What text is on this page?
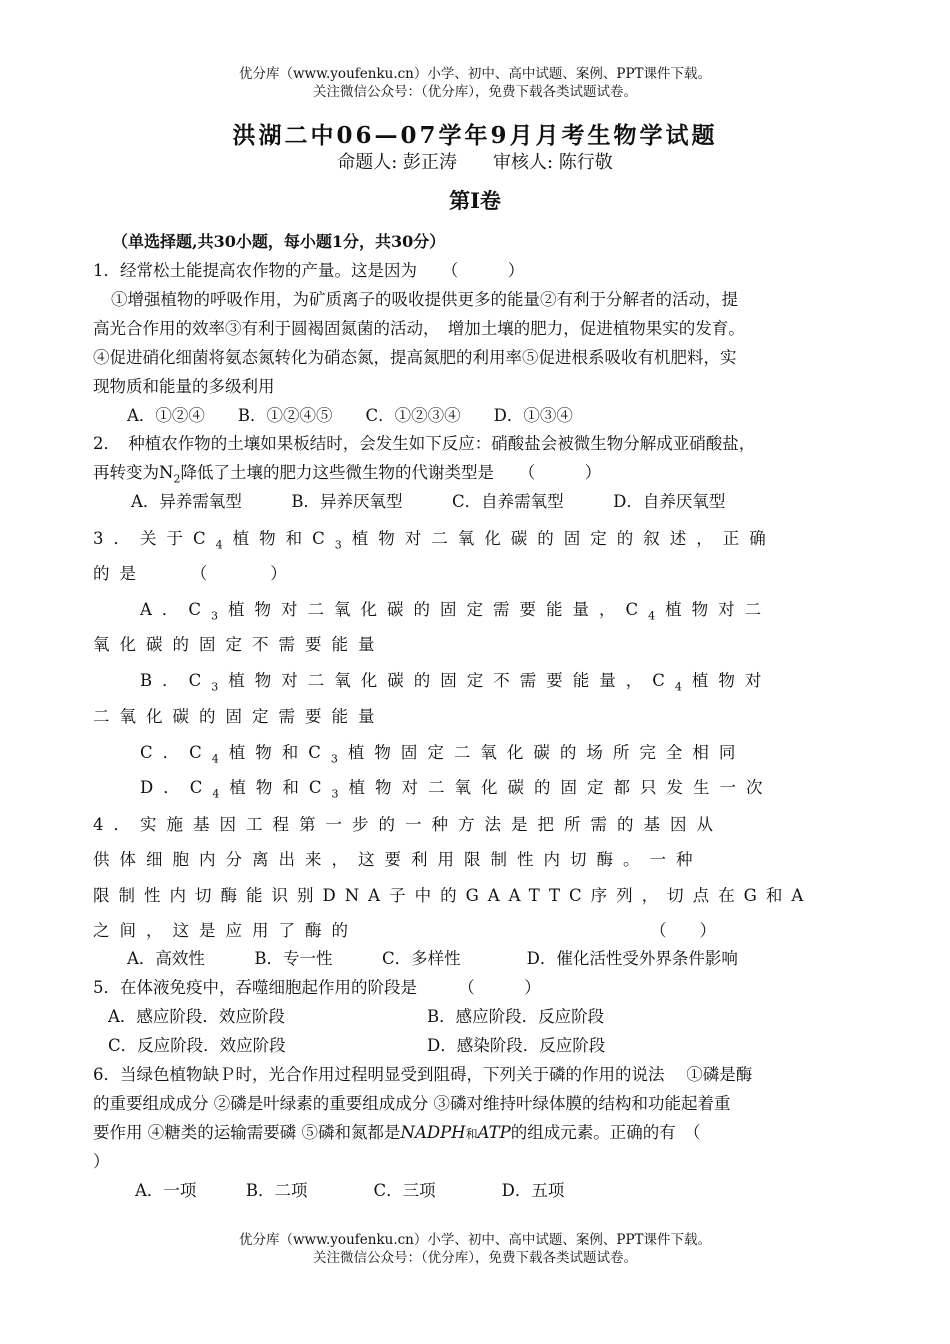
优分库（www.youfenku.cn）小学、初中、高中试题、案例、PPT课件下载。
关注微信公众号：（优分库），免费下载各类试题试卷。
洪湖二中06—07学年9月月考生物学试题
命题人: 彭正涛　　审核人: 陈行敬
第Ⅰ卷
（单选择题,共30小题，每小题1分，共30分）
1．经常松土能提高农作物的产量。这是因为　　（　　　）
①增强植物的呼吸作用，为矿质离子的吸收提供更多的能量②有利于分解者的活动，提
高光合作用的效率③有利于圆褐固氮菌的活动，　增加土壤的肥力，促进植物果实的发育。
④促进硝化细菌将氨态氮转化为硝态氮，提高氮肥的利用率⑤促进根系吸收有机肥料，实
现物质和能量的多级利用
A．①②④　　B．①②④⑤　　C．①②③④　　D．①③④
2．　种植农作物的土壤如果板结时，会发生如下反应：硝酸盐会被微生物分解成亚硝酸盐，
再转变为$N_2$降低了土壤的肥力这些微生物的代谢类型是　　（　　　）
A．异养需氧型　　　B．异养厌氧型　　　C．自养需氧型　　　D．自养厌氧型
3．关于$C_4$植物和$C_3$植物对二氧化碳的固定的叙述，正确
的是　　（　　）
A．$C_3$植物对二氧化碳的固定需要能量，$C_4$植物对二
氧化碳的固定不需要能量
B．$C_3$植物对二氧化碳的固定不需要能量，$C_4$植物对
二氧化碳的固定需要能量
C．$C_4$植物和$C_3$植物固定二氧化碳的场所完全相同
D．$C_4$植物和$C_3$植物对二氧化碳的固定都只发生一次
4．实施基因工程第一步的一种方法是把所需的基因从
供体细胞内分离出来，这要利用限制性内切酶。一种
限制性内切酶能识别DNA子中的GAATTC序列，切点在G和A
之间，这是应用了酶的	（　　）
A．高效性　　　B．专一性　　　C．多样性　　　　D．催化活性受外界条件影响
5．在体液免疫中，吞噬细胞起作用的阶段是　　　（　　　）
A．感应阶段．效应阶段	B．感应阶段．反应阶段
C．反应阶段．效应阶段	D．感染阶段．反应阶段
6．当绿色植物缺Ｐ时，光合作用过程明显受到阻碍，下列关于磷的作用的说法　 ①磷是酶
的重要组成成分 ②磷是叶绿素的重要组成成分 ③磷对维持叶绿体膜的结构和功能起着重
要作用 ④糖类的运输需要磷 ⑤磷和氮都是NADPH和ATP的组成元素。正确的有　（
）
A．一项　　　B．二项　　　　C．三项　　　　D．五项
优分库（www.youfenku.cn）小学、初中、高中试题、案例、PPT课件下载。
关注微信公众号：（优分库），免费下载各类试题试卷。
